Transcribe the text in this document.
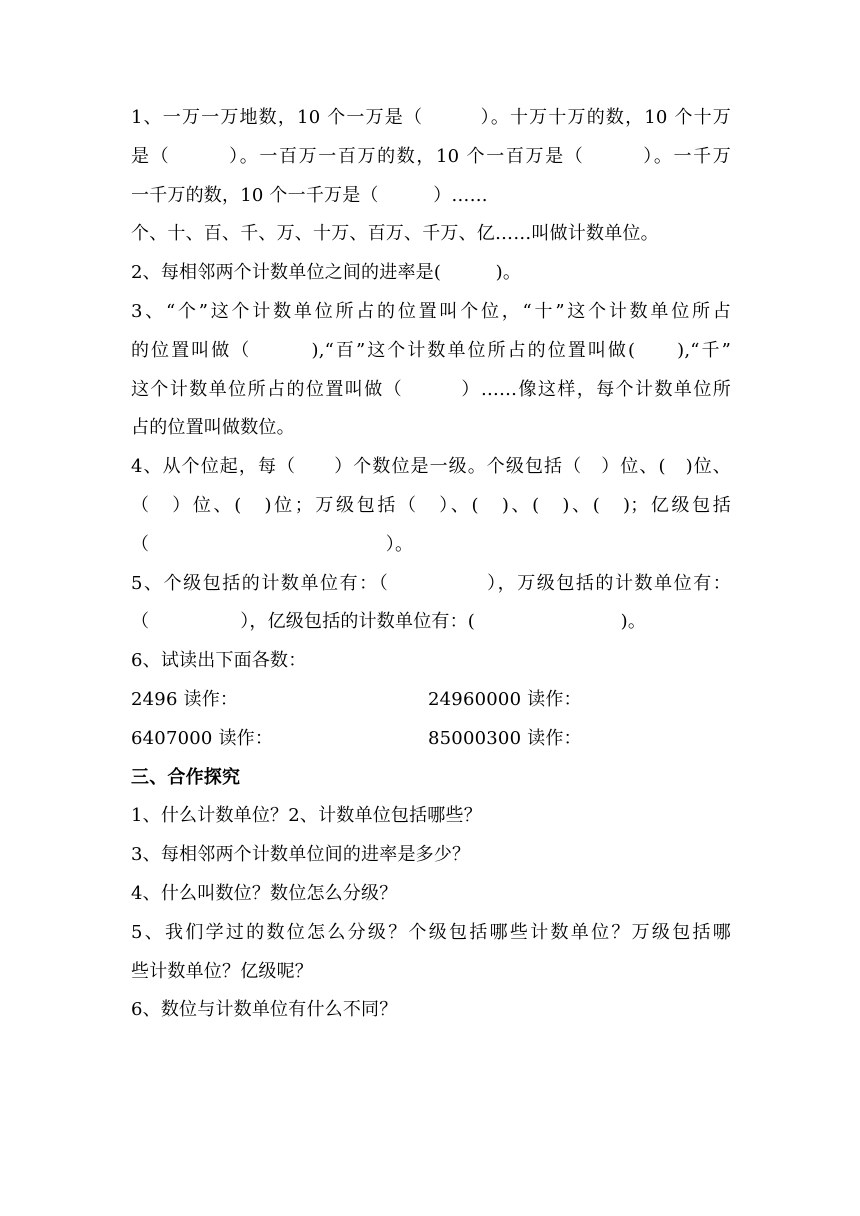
1、一万一万地数，10 个一万是（　　　）。十万十万的数，10 个十万
是（　　　）。一百万一百万的数，10 个一百万是（　　　）。一千万
一千万的数，10 个一千万是（　　　）……
个、十、百、千、万、十万、百万、千万、亿……叫做计数单位。
2、每相邻两个计数单位之间的进率是(　　　)。
3、“个”这个计数单位所占的位置叫个位，“十”这个计数单位所占
的位置叫做（　　　),“百”这个计数单位所占的位置叫做(　　),“千”
这个计数单位所占的位置叫做（　　　）……像这样，每个计数单位所
占的位置叫做数位。
4、从个位起，每（　　）个数位是一级。个级包括（　）位、(　)位、
（　）位、(　)位；万级包括（　）、(　)、(　)、(　)；亿级包括
（　　　　　　　　　　　　　）。
5、个级包括的计数单位有：（　　　　　），万级包括的计数单位有：
（　　　　　），亿级包括的计数单位有：(　　　　　　　　)。
6、试读出下面各数：
2496 读作：	24960000 读作：
6407000 读作：	85000300 读作：
三、合作探究
1、什么计数单位？2、计数单位包括哪些？
3、每相邻两个计数单位间的进率是多少？
4、什么叫数位？数位怎么分级？
5、我们学过的数位怎么分级？个级包括哪些计数单位？万级包括哪
些计数单位？亿级呢？
6、数位与计数单位有什么不同？
